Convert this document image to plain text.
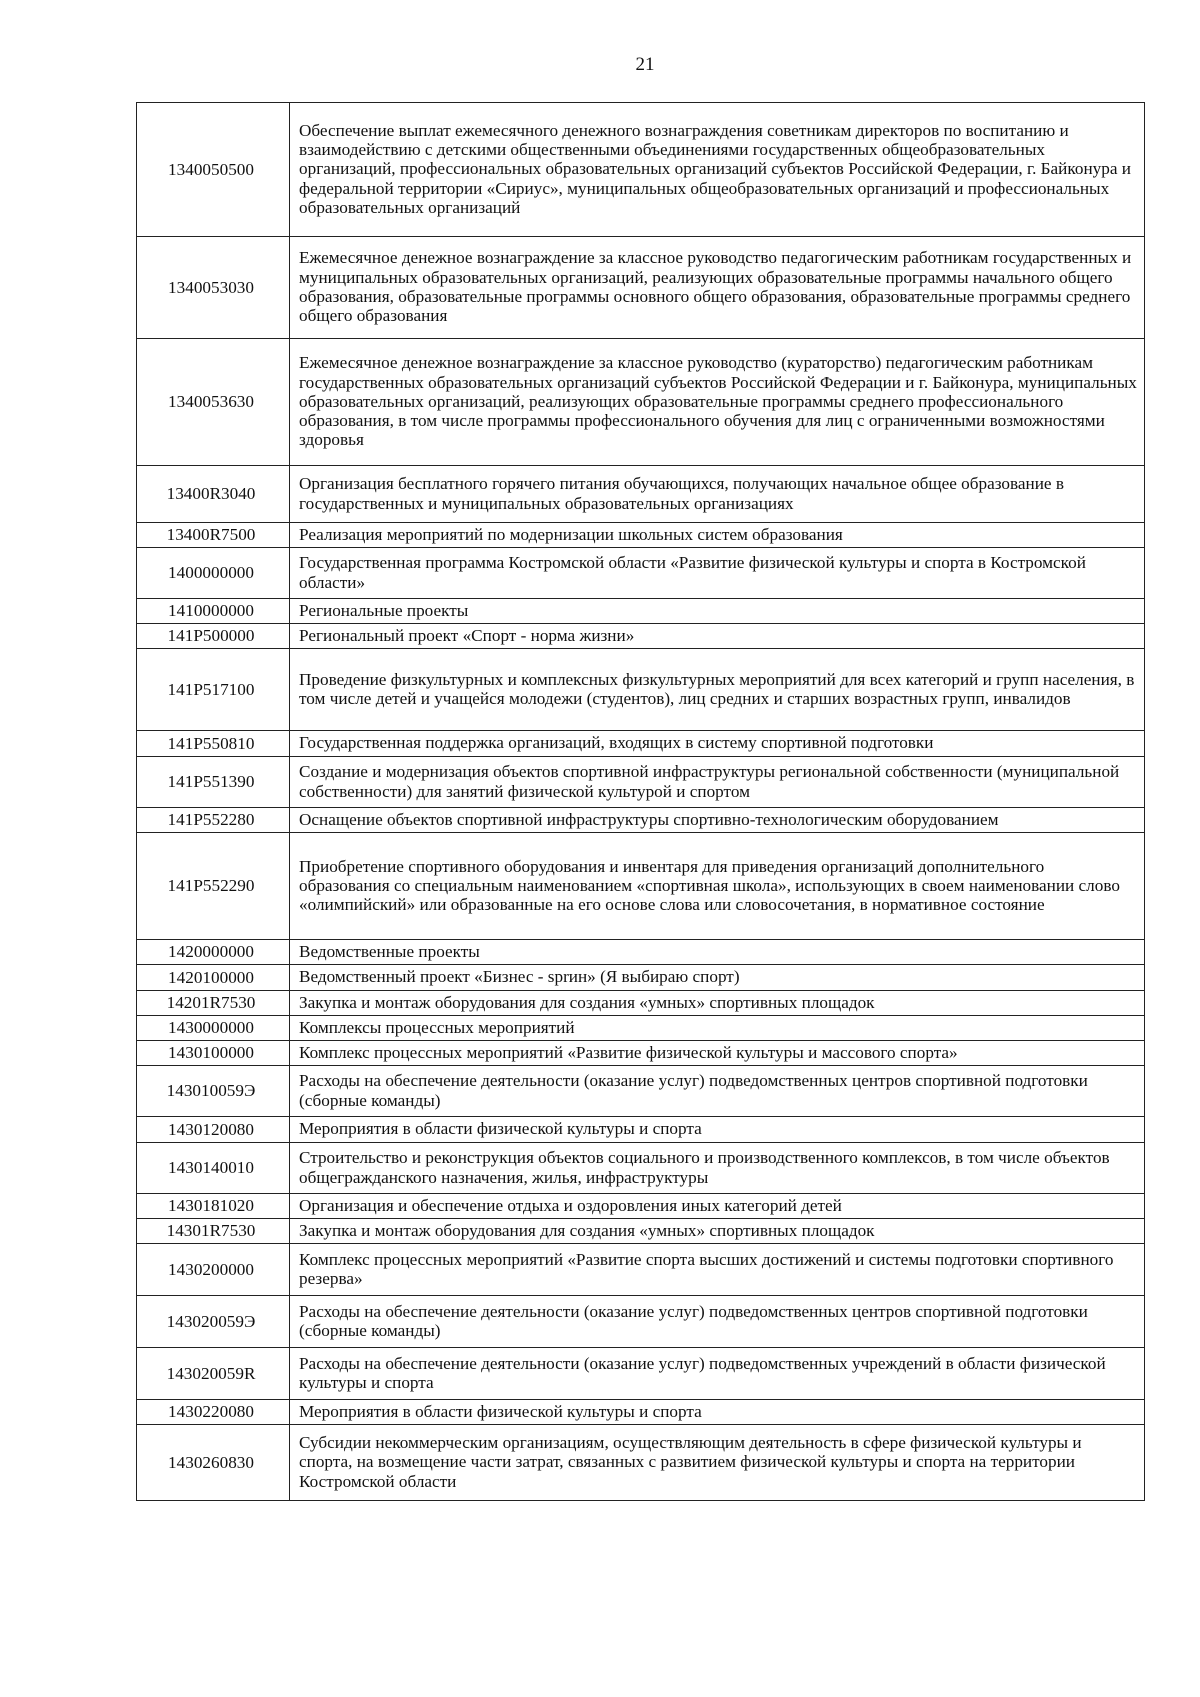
21
1340050500	Обеспечение выплат ежемесячного денежного вознаграждения советникам директоров по воспитанию и взаимодействию с детскими общественными объединениями государственных общеобразовательных организаций, профессиональных образовательных организаций субъектов Российской Федерации, г. Байконура и федеральной территории «Сириус», муниципальных общеобразовательных организаций и профессиональных образовательных организаций
1340053030	Ежемесячное денежное вознаграждение за классное руководство педагогическим работникам государственных и муниципальных образовательных организаций, реализующих образовательные программы начального общего образования, образовательные программы основного общего образования, образовательные программы среднего общего образования
1340053630	Ежемесячное денежное вознаграждение за классное руководство (кураторство) педагогическим работникам государственных образовательных организаций субъектов Российской Федерации и г. Байконура, муниципальных образовательных организаций, реализующих образовательные программы среднего профессионального образования, в том числе программы профессионального обучения для лиц с ограниченными возможностями здоровья
13400R3040	Организация бесплатного горячего питания обучающихся, получающих начальное общее образование в государственных и муниципальных образовательных организациях
13400R7500	Реализация мероприятий по модернизации школьных систем образования
1400000000	Государственная программа Костромской области «Развитие физической культуры и спорта в Костромской области»
1410000000	Региональные проекты
141P500000	Региональный проект «Спорт - норма жизни»
141P517100	Проведение физкультурных и комплексных физкультурных мероприятий для всех категорий и групп населения, в том числе детей и учащейся молодежи (студентов), лиц средних и старших возрастных групп, инвалидов
141P550810	Государственная поддержка организаций, входящих в систему спортивной подготовки
141P551390	Создание и модернизация объектов спортивной инфраструктуры региональной собственности (муниципальной собственности) для занятий физической культурой и спортом
141P552280	Оснащение объектов спортивной инфраструктуры спортивно-технологическим оборудованием
141P552290	Приобретение спортивного оборудования и инвентаря для приведения организаций дополнительного образования со специальным наименованием «спортивная школа», использующих в своем наименовании слово «олимпийский» или образованные на его основе слова или словосочетания, в нормативное состояние
1420000000	Ведомственные проекты
1420100000	Ведомственный проект «Бизнес - sprин» (Я выбираю спорт)
14201R7530	Закупка и монтаж оборудования для создания «умных» спортивных площадок
1430000000	Комплексы процессных мероприятий
1430100000	Комплекс процессных мероприятий «Развитие физической культуры и массового спорта»
143010059Э	Расходы на обеспечение деятельности (оказание услуг) подведомственных центров спортивной подготовки (сборные команды)
1430120080	Мероприятия в области физической культуры и спорта
1430140010	Строительство и реконструкция объектов социального и производственного комплексов, в том числе объектов общегражданского назначения, жилья, инфраструктуры
1430181020	Организация и обеспечение отдыха и оздоровления иных категорий детей
14301R7530	Закупка и монтаж оборудования для создания «умных» спортивных площадок
1430200000	Комплекс процессных мероприятий «Развитие спорта высших достижений и системы подготовки спортивного резерва»
143020059Э	Расходы на обеспечение деятельности (оказание услуг) подведомственных центров спортивной подготовки (сборные команды)
143020059R	Расходы на обеспечение деятельности (оказание услуг) подведомственных учреждений в области физической культуры и спорта
1430220080	Мероприятия в области физической культуры и спорта
1430260830	Субсидии некоммерческим организациям, осуществляющим деятельность в сфере физической культуры и спорта, на возмещение части затрат, связанных с развитием физической культуры и спорта на территории Костромской области
